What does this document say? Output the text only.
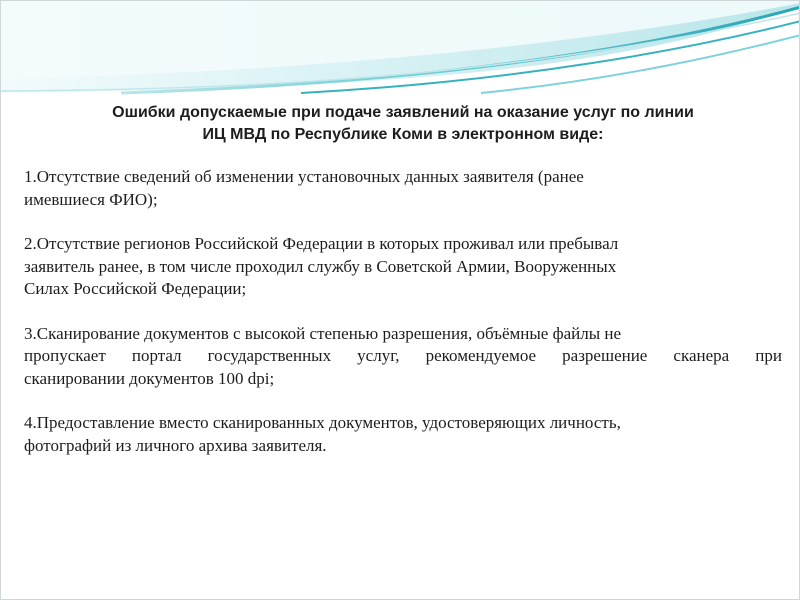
Ошибки допускаемые при подаче заявлений на оказание услуг по линии
ИЦ МВД по Республике Коми в электронном виде:
1.Отсутствие сведений об изменении установочных данных заявителя (ранее
имевшиеся ФИО);
2.Отсутствие регионов Российской Федерации в которых проживал или пребывал
заявитель ранее, в том числе проходил службу в Советской Армии, Вооруженных
Силах Российской Федерации;
3.Сканирование документов с высокой степенью разрешения, объёмные файлы не
пропускает портал государственных услуг, рекомендуемое разрешение сканера при
сканировании документов 100 dpi;
4.Предоставление вместо сканированных документов, удостоверяющих личность,
фотографий из личного архива заявителя.
